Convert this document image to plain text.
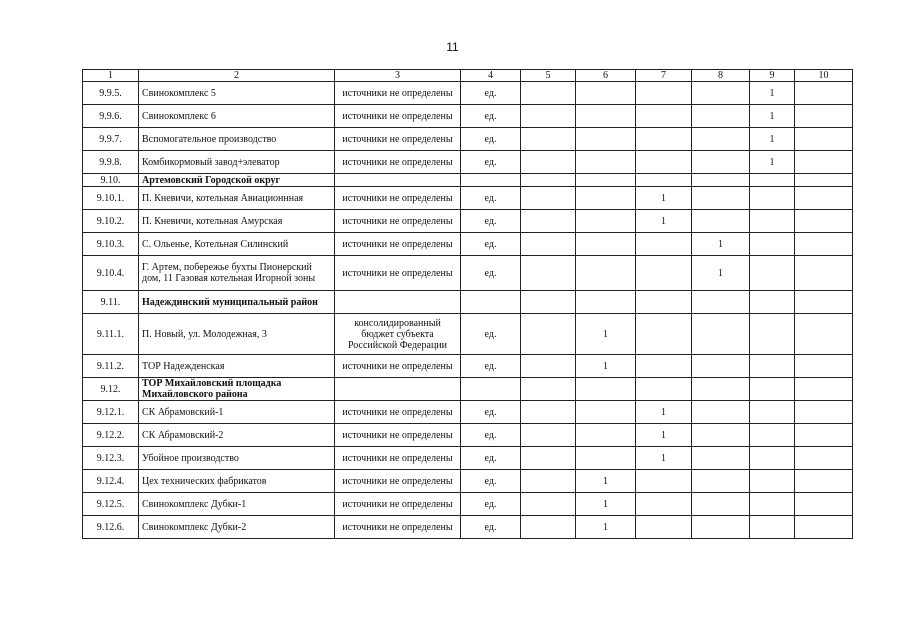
11
1	2	3	4	5	6	7	8	9	10
9.9.5.	Свинокомплекс 5	источники не определены	ед.					1	
9.9.6.	Свинокомплекс 6	источники не определены	ед.					1	
9.9.7.	Вспомогательное производство	источники не определены	ед.					1	
9.9.8.	Комбикормовый завод+элеватор	источники не определены	ед.					1	
9.10.	Артемовский Городской округ								
9.10.1.	П. Кневичи, котельная Авиационнная	источники не определены	ед.			1			
9.10.2.	П. Кневичи, котельная Амурская	источники не определены	ед.			1			
9.10.3.	С. Ольенье, Котельная Силинский	источники не определены	ед.				1		
9.10.4.	Г. Артем, побережье бухты Пионерский дом, 11 Газовая котельная Игорной зоны	источники не определены	ед.				1		
9.11.	Надеждинский муниципальный район								
9.11.1.	П. Новый, ул. Молодежная, 3	консолидированный бюджет субъекта Российской Федерации	ед.		1				
9.11.2.	ТОР Надежденская	источники не определены	ед.		1				
9.12.	ТОР Михайловский площадка Михайловского района								
9.12.1.	СК Абрамовский-1	источники не определены	ед.			1			
9.12.2.	СК Абрамовский-2	источники не определены	ед.			1			
9.12.3.	Убойное производство	источники не определены	ед.			1			
9.12.4.	Цех технических фабрикатов	источники не определены	ед.		1				
9.12.5.	Свинокомплекс Дубки-1	источники не определены	ед.		1				
9.12.6.	Свинокомплекс Дубки-2	источники не определены	ед.		1				
